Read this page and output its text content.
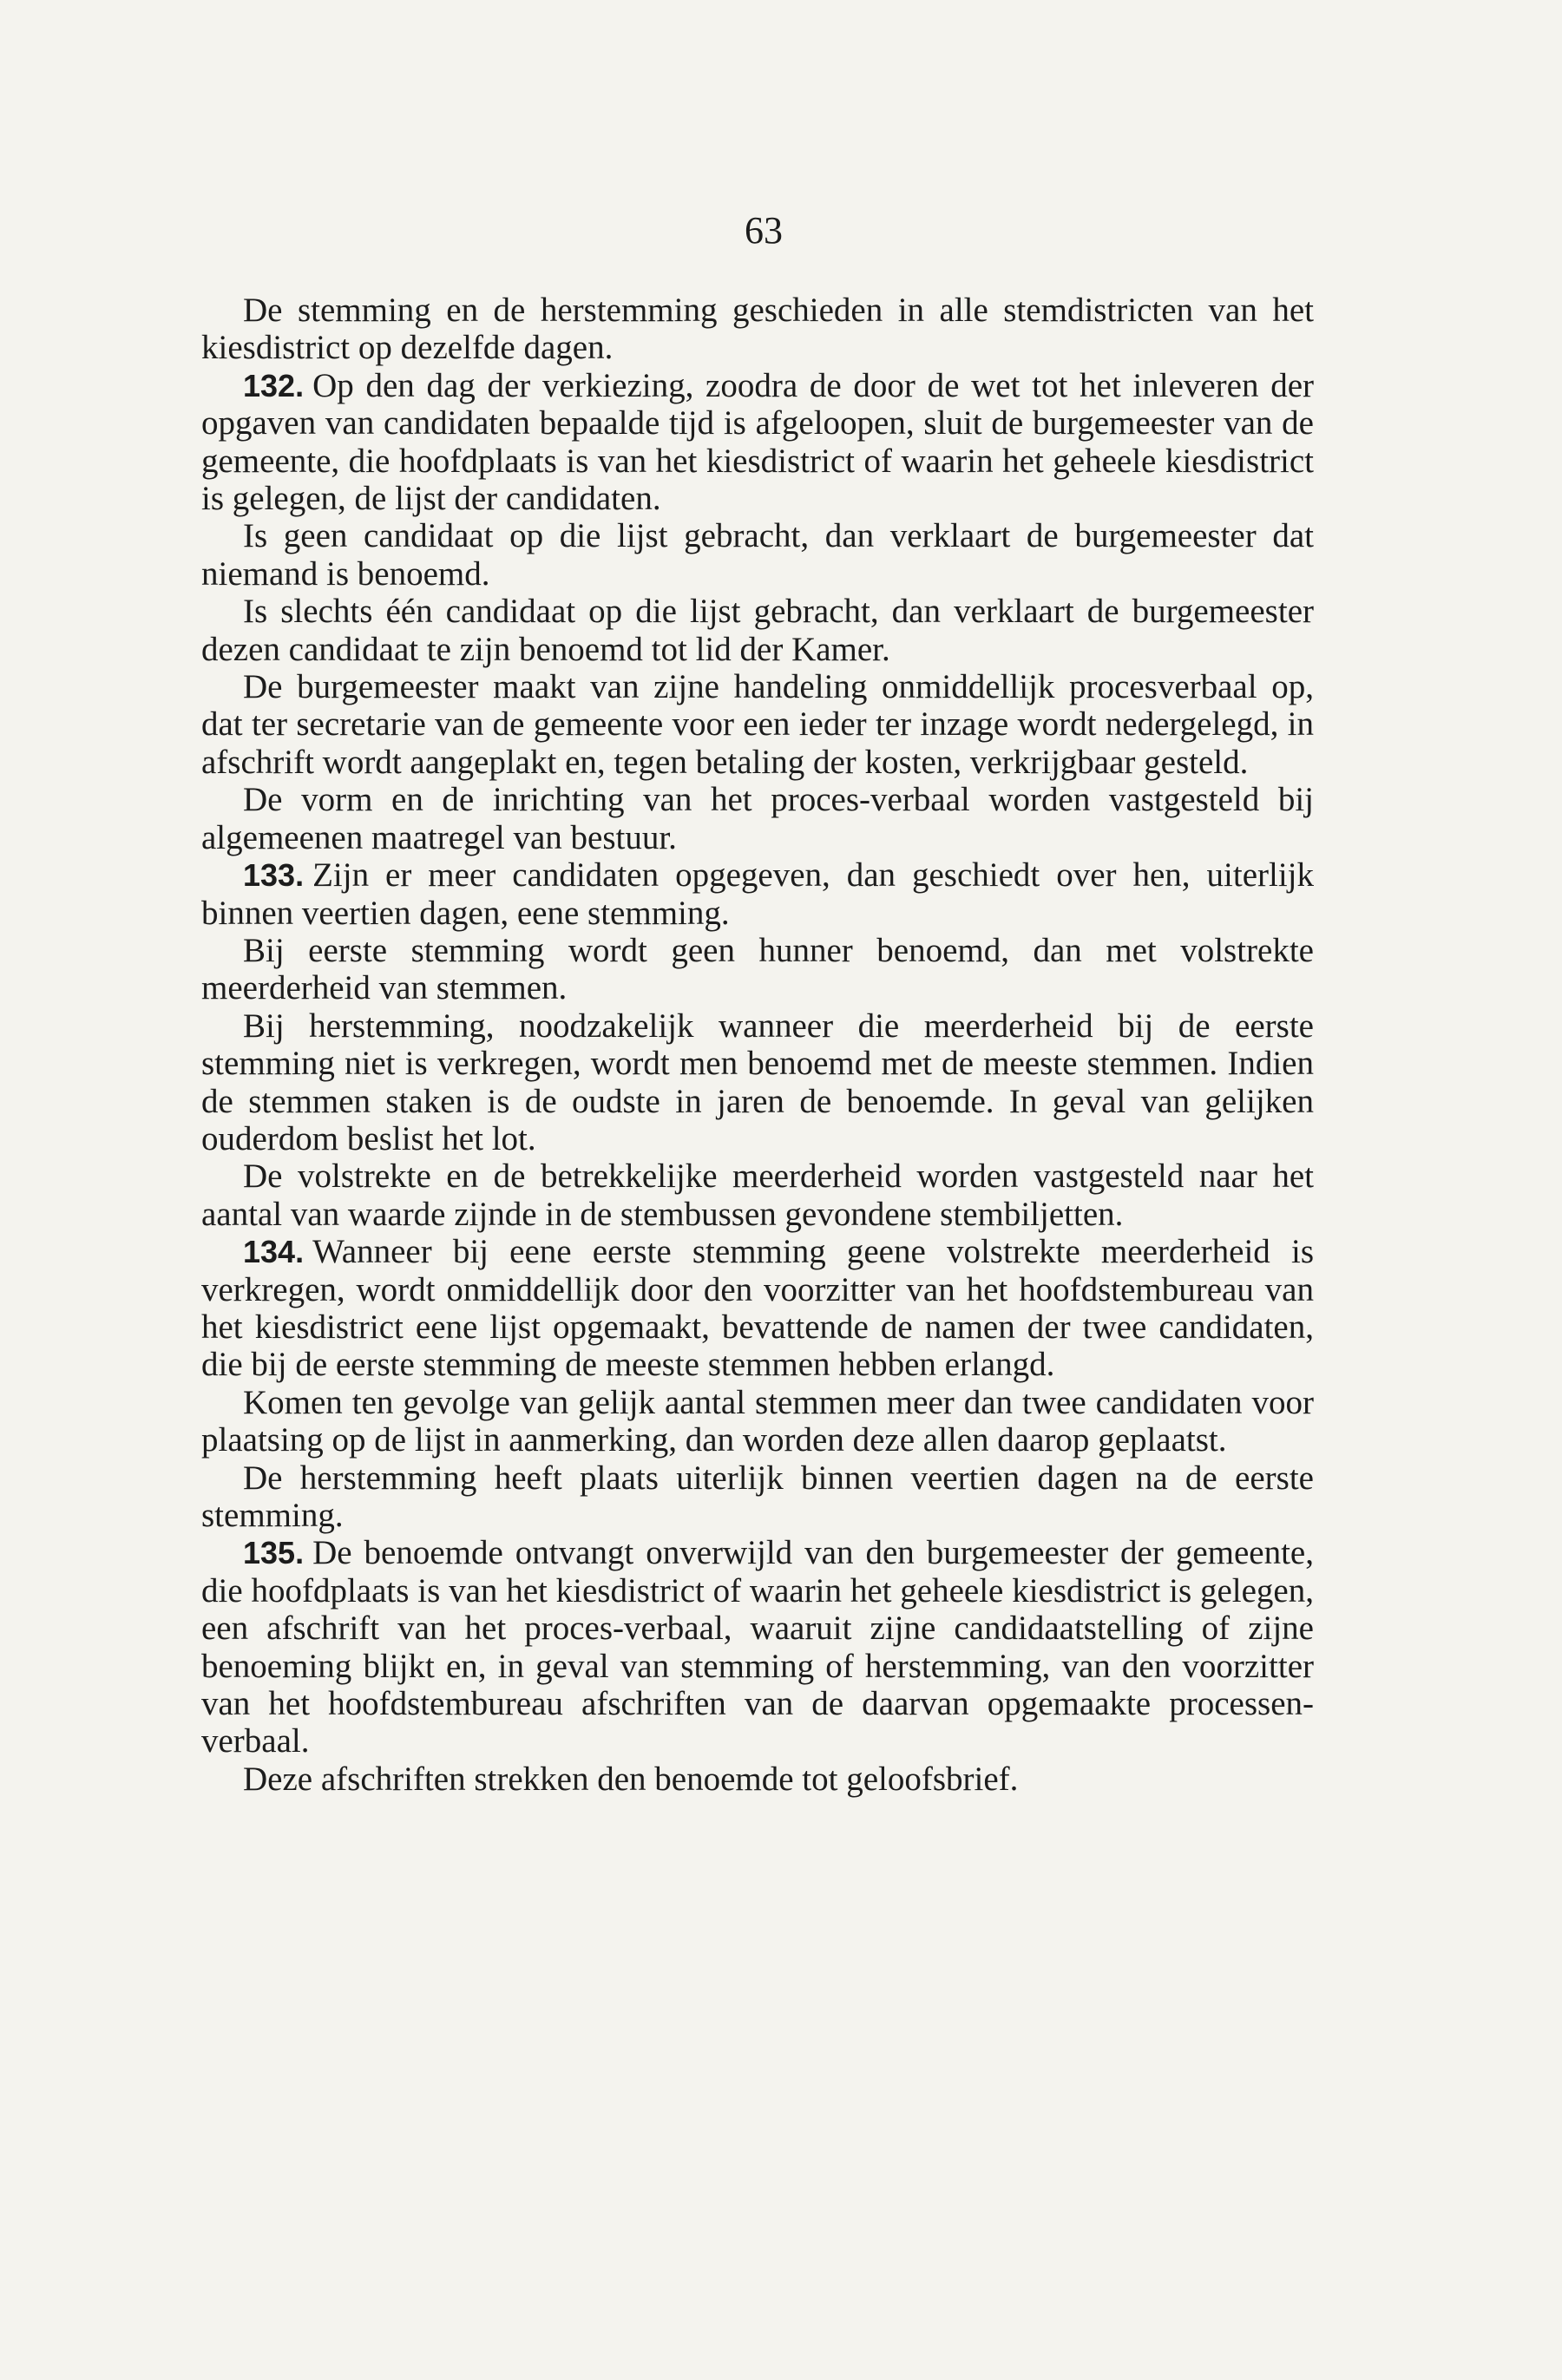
63

De stemming en de herstemming geschieden in alle stemdistricten van het kiesdistrict op dezelfde dagen.

132. Op den dag der verkiezing, zoodra de door de wet tot het inleveren der opgaven van candidaten bepaalde tijd is afgeloopen, sluit de burgemeester van de gemeente, die hoofdplaats is van het kiesdistrict of waarin het geheele kiesdistrict is gelegen, de lijst der candidaten.

Is geen candidaat op die lijst gebracht, dan verklaart de burgemeester dat niemand is benoemd.

Is slechts één candidaat op die lijst gebracht, dan verklaart de burgemeester dezen candidaat te zijn benoemd tot lid der Kamer.

De burgemeester maakt van zijne handeling onmiddellijk procesverbaal op, dat ter secretarie van de gemeente voor een ieder ter inzage wordt nedergelegd, in afschrift wordt aangeplakt en, tegen betaling der kosten, verkrijgbaar gesteld.

De vorm en de inrichting van het proces-verbaal worden vastgesteld bij algemeenen maatregel van bestuur.

133. Zijn er meer candidaten opgegeven, dan geschiedt over hen, uiterlijk binnen veertien dagen, eene stemming.

Bij eerste stemming wordt geen hunner benoemd, dan met volstrekte meerderheid van stemmen.

Bij herstemming, noodzakelijk wanneer die meerderheid bij de eerste stemming niet is verkregen, wordt men benoemd met de meeste stemmen. Indien de stemmen staken is de oudste in jaren de benoemde. In geval van gelijken ouderdom beslist het lot.

De volstrekte en de betrekkelijke meerderheid worden vastgesteld naar het aantal van waarde zijnde in de stembussen gevondene stembiljetten.

134. Wanneer bij eene eerste stemming geene volstrekte meerderheid is verkregen, wordt onmiddellijk door den voorzitter van het hoofdstembureau van het kiesdistrict eene lijst opgemaakt, bevattende de namen der twee candidaten, die bij de eerste stemming de meeste stemmen hebben erlangd.

Komen ten gevolge van gelijk aantal stemmen meer dan twee candidaten voor plaatsing op de lijst in aanmerking, dan worden deze allen daarop geplaatst.

De herstemming heeft plaats uiterlijk binnen veertien dagen na de eerste stemming.

135. De benoemde ontvangt onverwijld van den burgemeester der gemeente, die hoofdplaats is van het kiesdistrict of waarin het geheele kiesdistrict is gelegen, een afschrift van het proces-verbaal, waaruit zijne candidaatstelling of zijne benoeming blijkt en, in geval van stemming of herstemming, van den voorzitter van het hoofdstembureau afschriften van de daarvan opgemaakte processen-verbaal.

Deze afschriften strekken den benoemde tot geloofsbrief.
